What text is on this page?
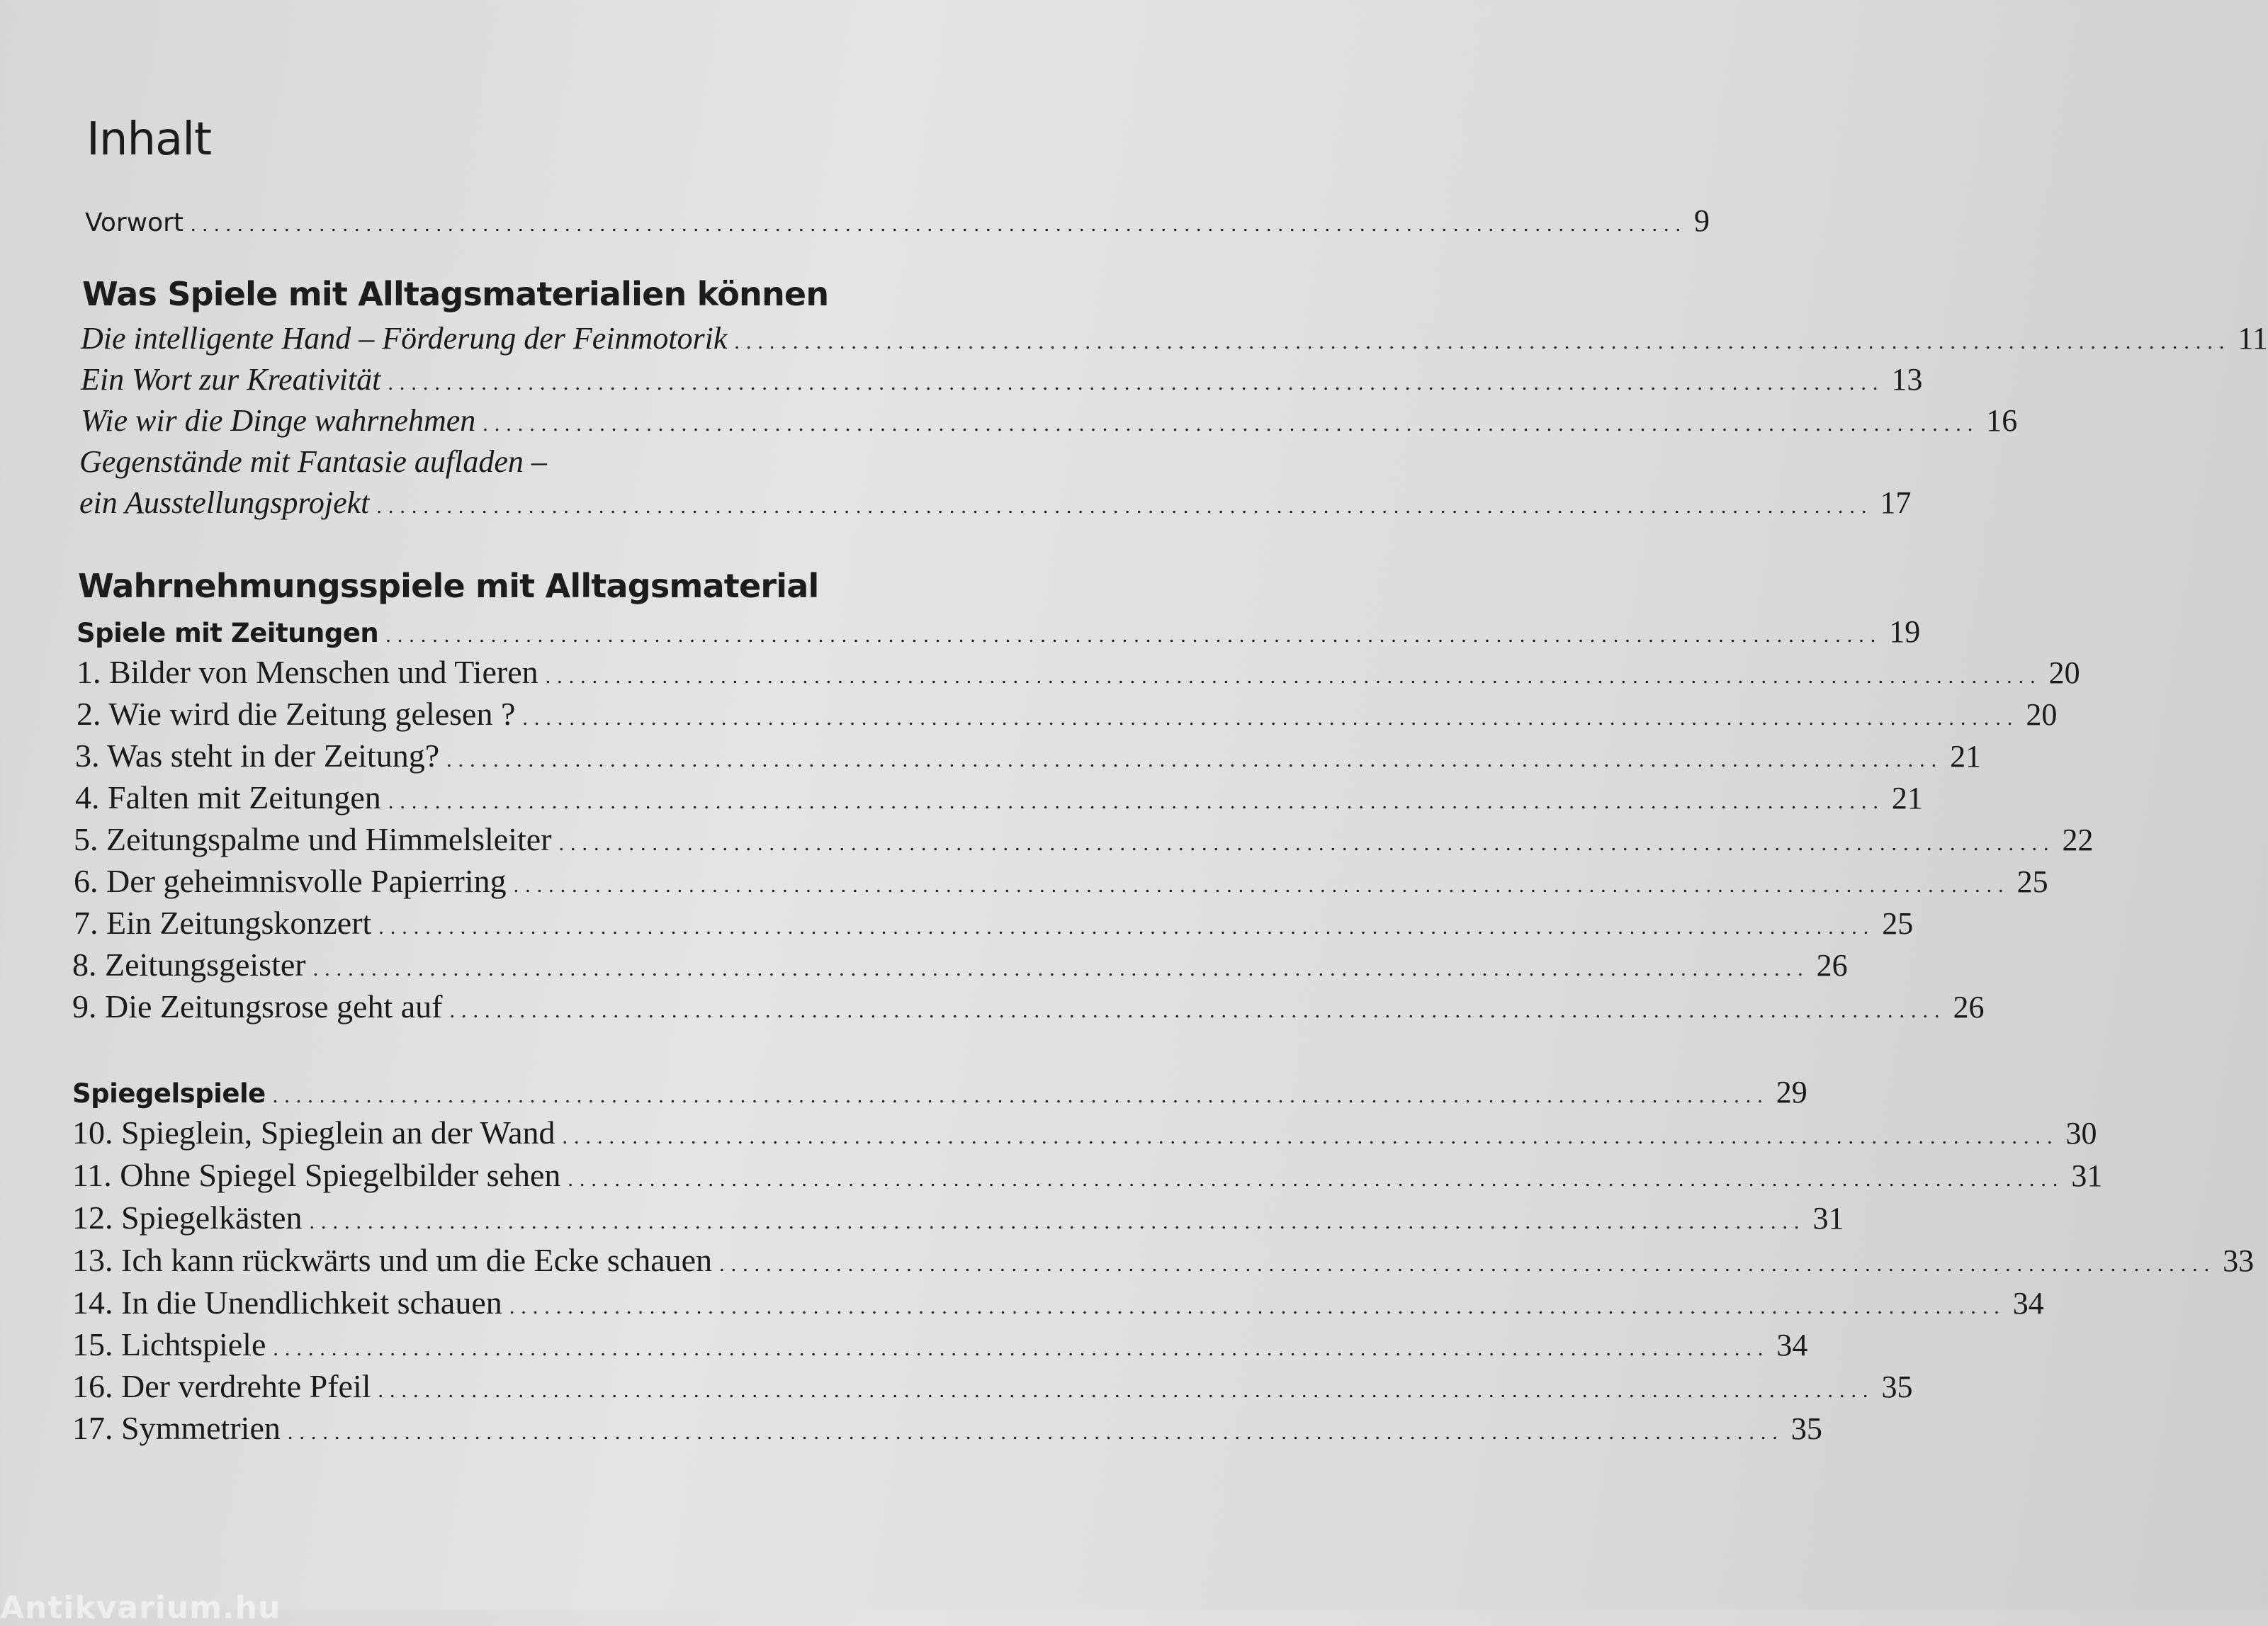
Inhalt
Vorwort ................................................................................................................................ 9
Was Spiele mit Alltagsmaterialien können
Die intelligente Hand – Förderung der Feinmotorik ................................................................................................................................ 11
Ein Wort zur Kreativität ................................................................................................................................ 13
Wie wir die Dinge wahrnehmen ................................................................................................................................ 16
Gegenstände mit Fantasie aufladen –
ein Ausstellungsprojekt ................................................................................................................................ 17
Wahrnehmungsspiele mit Alltagsmaterial
Spiele mit Zeitungen ................................................................................................................................ 19
1. Bilder von Menschen und Tieren ................................................................................................................................ 20
2. Wie wird die Zeitung gelesen ? ................................................................................................................................ 20
3. Was steht in der Zeitung? ................................................................................................................................ 21
4. Falten mit Zeitungen ................................................................................................................................ 21
5. Zeitungspalme und Himmelsleiter ................................................................................................................................ 22
6. Der geheimnisvolle Papierring ................................................................................................................................ 25
7. Ein Zeitungskonzert ................................................................................................................................ 25
8. Zeitungsgeister ................................................................................................................................ 26
9. Die Zeitungsrose geht auf ................................................................................................................................ 26
Spiegelspiele ................................................................................................................................ 29
10. Spieglein, Spieglein an der Wand ................................................................................................................................ 30
11. Ohne Spiegel Spiegelbilder sehen ................................................................................................................................ 31
12. Spiegelkästen ................................................................................................................................ 31
13. Ich kann rückwärts und um die Ecke schauen ................................................................................................................................ 33
14. In die Unendlichkeit schauen ................................................................................................................................ 34
15. Lichtspiele ................................................................................................................................ 34
16. Der verdrehte Pfeil ................................................................................................................................ 35
17. Symmetrien ................................................................................................................................ 35
Antikvarium.hu
